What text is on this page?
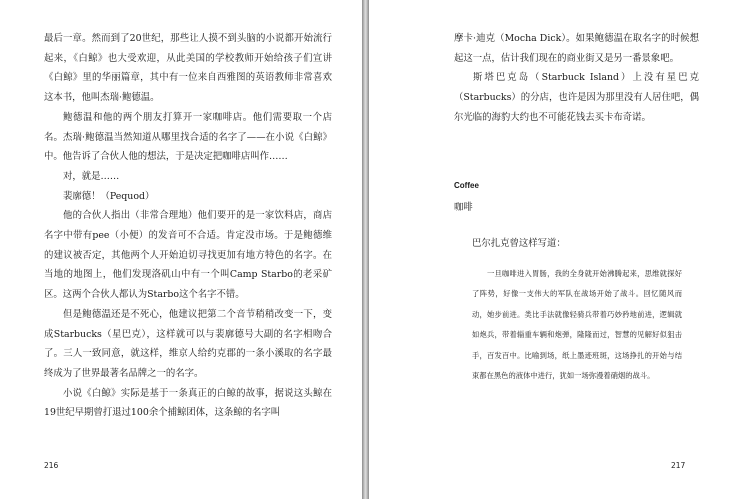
最后一章。然而到了20世纪，那些让人摸不到头脑的小说都开始流行起来，《白鲸》也大受欢迎，从此美国的学校教师开始给孩子们宣讲《白鲸》里的华丽篇章，其中有一位来自西雅图的英语教师非常喜欢这本书，他叫杰瑞·鲍德温。

鲍德温和他的两个朋友打算开一家咖啡店。他们需要取一个店名。杰瑞·鲍德温当然知道从哪里找合适的名字了——在小说《白鲸》中。他告诉了合伙人他的想法，于是决定把咖啡店叫作……

对，就是……

裴廓德！（Pequod）

他的合伙人指出（非常合理地）他们要开的是一家饮料店，商店名字中带有pee（小便）的发音可不合适。肯定没市场。于是鲍德维的建议被否定，其他两个人开始迫切寻找更加有地方特色的名字。在当地的地图上，他们发现洛矶山中有一个叫Camp Starbo的老采矿区。这两个合伙人都认为Starbo这个名字不错。

但是鲍德温还是不死心，他建议把第二个音节稍稍改变一下，变成Starbucks（星巴克），这样就可以与裴廓德号大副的名字相吻合了。三人一致同意，就这样，维京人给约克郡的一条小溪取的名字最终成为了世界最著名品牌之一的名字。

小说《白鲸》实际是基于一条真正的白鲸的故事，据说这头鲸在19世纪早期曾打退过100余个捕鲸团体，这条鲸的名字叫

216

摩卡·迪克（Mocha Dick）。如果鲍德温在取名字的时候想起这一点，估计我们现在的商业街又是另一番景象吧。

斯塔巴克岛（Starbuck Island）上没有星巴克（Starbucks）的分店，也许是因为那里没有人居住吧，偶尔光临的海豹大约也不可能花钱去买卡布奇诺。

Coffee
咖啡
巴尔扎克曾这样写道：

一旦咖啡进入胃肠，我的全身就开始沸腾起来，思维就探好了阵势，好像一支伟大的军队在战场开始了战斗。回忆随风而动，她步前进。类比手法就像轻骑兵带着巧妙矜地前进，逻辑就如炮兵，带着辎重车辆和炮弹，隆隆而过，智慧的见解好似狙击手，百发百中。比喻到场，纸上墨迹班斑，这场挣扎的开始与结束都在黑色的液体中进行，犹如一场弥漫着硝烟的战斗。

217
